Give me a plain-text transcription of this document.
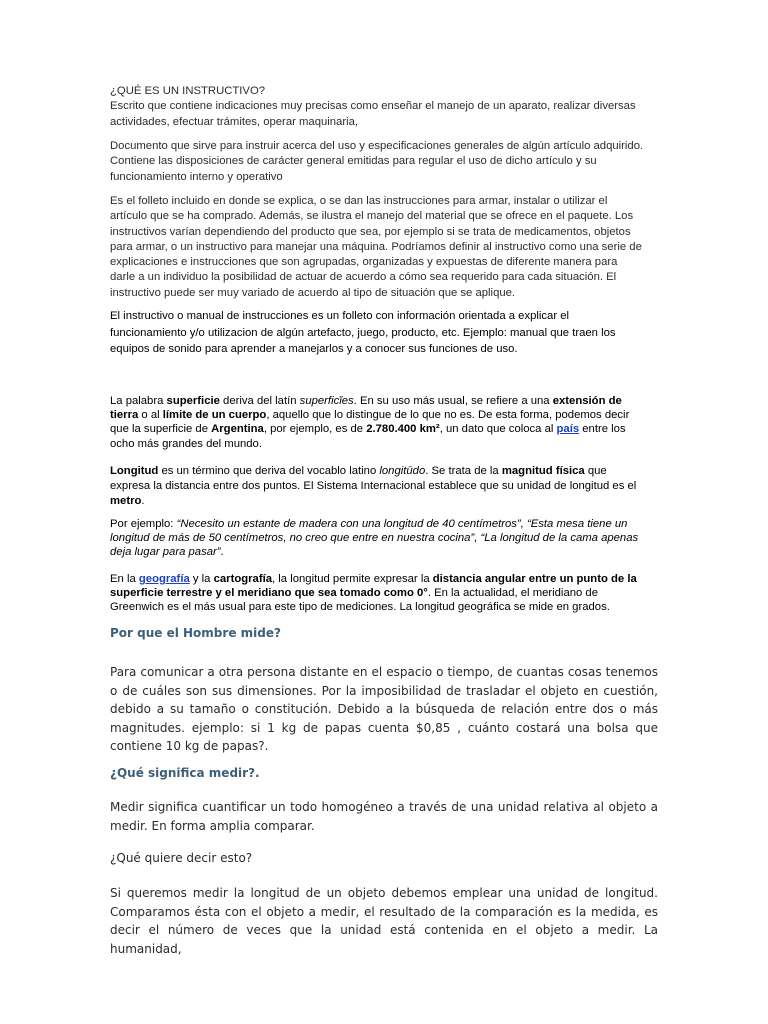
¿QUÉ ES UN INSTRUCTIVO?

Escrito que contiene indicaciones muy precisas como enseñar el manejo de un aparato, realizar diversas

actividades, efectuar trámites, operar maquinaria,

Documento que sirve para instruir acerca del uso y especificaciones generales de algún artículo adquirido.

Contiene las disposiciones de carácter general emitidas para regular el uso de dicho artículo y su

funcionamiento interno y operativo

Es el folleto incluido en donde se explica, o se dan las instrucciones para armar, instalar o utilizar el

artículo que se ha comprado. Además, se ilustra el manejo del material que se ofrece en el paquete. Los

instructivos varían dependiendo del producto que sea, por ejemplo si se trata de medicamentos, objetos

para armar, o un instructivo para manejar una máquina. Podríamos definir al instructivo como una serie de

explicaciones e instrucciones que son agrupadas, organizadas y expuestas de diferente manera para

darle a un individuo la posibilidad de actuar de acuerdo a cómo sea requerido para cada situación. El

instructivo puede ser muy variado de acuerdo al tipo de situación que se aplique.

El instructivo o manual de instrucciones es un folleto con información orientada a explicar el

funcionamiento y/o utilizacion de algún artefacto, juego, producto, etc. Ejemplo: manual que traen los

equipos de sonido para aprender a manejarlos y a conocer sus funciones de uso.

La palabra superficie deriva del latín superficĭes. En su uso más usual, se refiere a una extensión de

tierra o al límite de un cuerpo, aquello que lo distingue de lo que no es. De esta forma, podemos decir

que la superficie de Argentina, por ejemplo, es de 2.780.400 km², un dato que coloca al país entre los

ocho más grandes del mundo.

Longitud es un término que deriva del vocablo latino longitūdo. Se trata de la magnitud física que

expresa la distancia entre dos puntos. El Sistema Internacional establece que su unidad de longitud es el

metro.

Por ejemplo: “Necesito un estante de madera con una longitud de 40 centímetros”, “Esta mesa tiene un

longitud de más de 50 centímetros, no creo que entre en nuestra cocina”, “La longitud de la cama apenas

deja lugar para pasar”.

En la geografía y la cartografía, la longitud permite expresar la distancia angular entre un punto de la

superficie terrestre y el meridiano que sea tomado como 0°. En la actualidad, el meridiano de

Greenwich es el más usual para este tipo de mediciones. La longitud geográfica se mide en grados.

Por que el Hombre mide?
Para comunicar a otra persona distante en el espacio o tiempo, de cuantas cosas tenemos o de cuáles son sus dimensiones. Por la imposibilidad de trasladar el objeto en cuestión, debido a su tamaño o constitución. Debido a la búsqueda de relación entre dos o más magnitudes. ejemplo: si 1 kg de papas cuenta $0,85 , cuánto costará una bolsa que contiene 10 kg de papas?.
¿Qué significa medir?.
Medir significa cuantificar un todo homogéneo a través de una unidad relativa al objeto a medir. En forma amplia comparar.
¿Qué quiere decir esto?
Si queremos medir la longitud de un objeto debemos emplear una unidad de longitud. Comparamos ésta con el objeto a medir, el resultado de la comparación es la medida, es decir el número de veces que la unidad está contenida en el objeto a medir. La humanidad,
